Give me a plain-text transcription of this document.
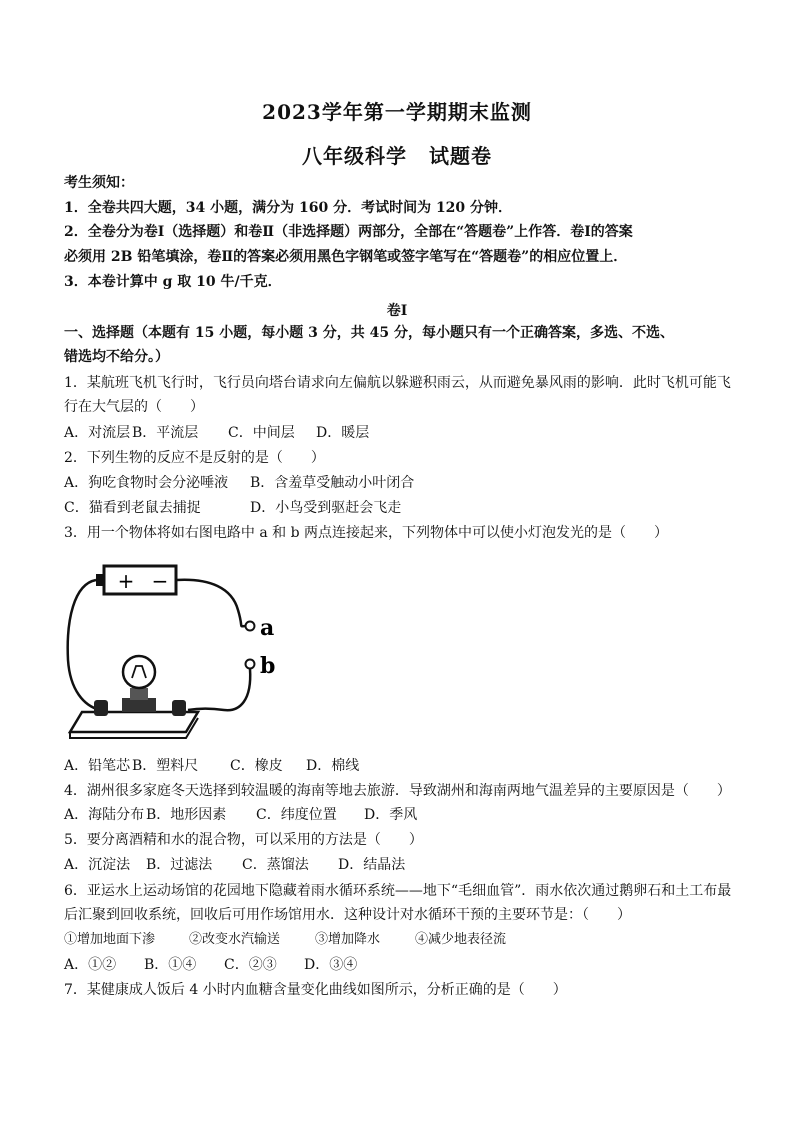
2023学年第一学期期末监测
八年级科学 试题卷
考生须知：
1．全卷共四大题，34 小题，满分为 160 分．考试时间为 120 分钟．
2．全卷分为卷Ⅰ（选择题）和卷Ⅱ（非选择题）两部分，全部在“答题卷”上作答．卷Ⅰ的答案
必须用 2B 铅笔填涂，卷Ⅱ的答案必须用黑色字钢笔或签字笔写在“答题卷”的相应位置上．
3．本卷计算中 g 取 10 牛/千克．
卷Ⅰ
一、选择题（本题有 15 小题，每小题 3 分，共 45 分，每小题只有一个正确答案，多选、不选、
错选均不给分。）
1．某航班飞机飞行时，飞行员向塔台请求向左偏航以躲避积雨云，从而避免暴风雨的影响．此时飞机可能飞
行在大气层的（　　）
A．对流层 B．平流层 C．中间层 D．暖层
2．下列生物的反应不是反射的是（　　）
A．狗吃食物时会分泌唾液 B．含羞草受触动小叶闭合
C．猫看到老鼠去捕捉	D．小鸟受到驱赶会飞走
3．用一个物体将如右图电路中 a 和 b 两点连接起来，下列物体中可以使小灯泡发光的是（　　）
+ −
a
b
A．铅笔芯 B．塑料尺 C．橡皮 D．棉线
4．湖州很多家庭冬天选择到较温暖的海南等地去旅游．导致湖州和海南两地气温差异的主要原因是（　　）
A．海陆分布 B．地形因素 C．纬度位置 D．季风
5．要分离酒精和水的混合物，可以采用的方法是（　　）
A．沉淀法 B．过滤法 C．蒸馏法 D．结晶法
6．亚运水上运动场馆的花园地下隐藏着雨水循环系统——地下“毛细血管”．雨水依次通过鹅卵石和土工布最
后汇聚到回收系统，回收后可用作场馆用水．这种设计对水循环干预的主要环节是：（　　）
①增加地面下渗	②改变水汽输送	③增加降水	④减少地表径流
A．①② B．①④ C．②③ D．③④
7．某健康成人饭后 4 小时内血糖含量变化曲线如图所示，分析正确的是（　　）
